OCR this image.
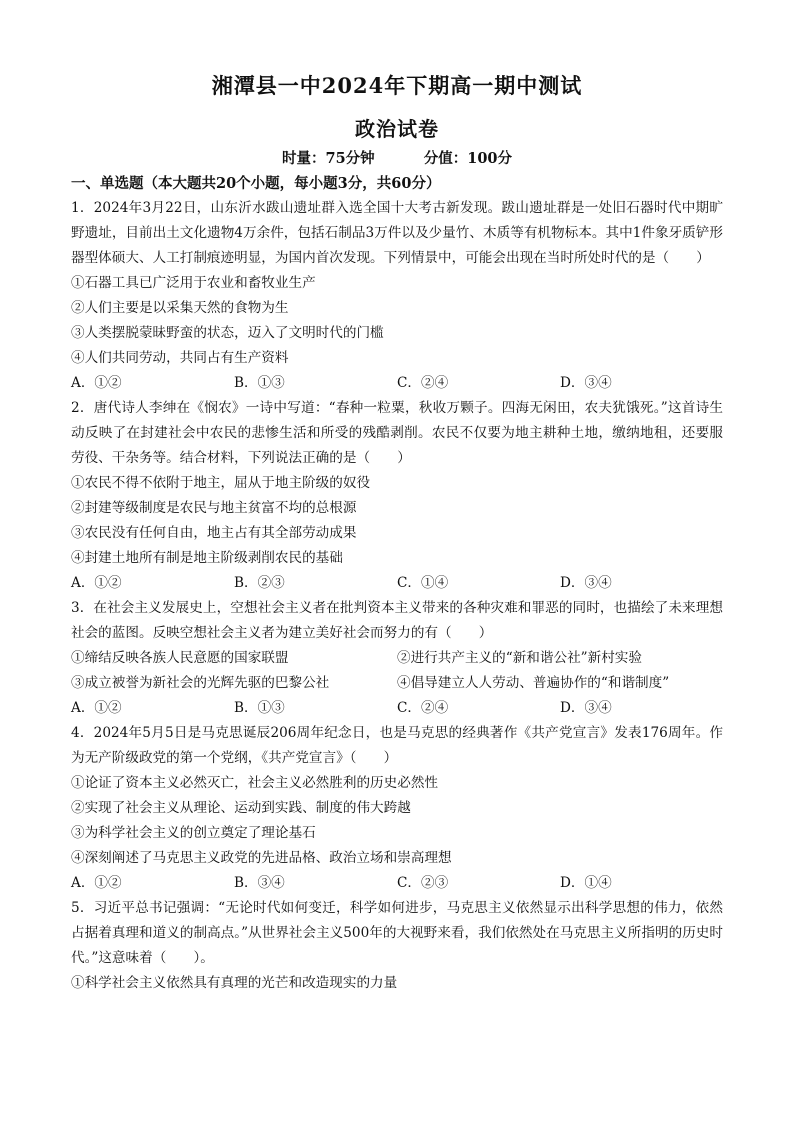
湘潭县一中2024年下期高一期中测试
政治试卷
时量：75分钟	分值：100分
一、单选题（本大题共20个小题，每小题3分，共60分）

1．2024年3月22日，山东沂水跋山遗址群入选全国十大考古新发现。跋山遗址群是一处旧石器时代中期旷野遗址，目前出土文化遗物4万余件，包括石制品3万件以及少量竹、木质等有机物标本。其中1件象牙质铲形器型体硕大、人工打制痕迹明显，为国内首次发现。下列情景中，可能会出现在当时所处时代的是（　　）

①石器工具已广泛用于农业和畜牧业生产
②人们主要是以采集天然的食物为生
③人类摆脱蒙昧野蛮的状态，迈入了文明时代的门槛
④人们共同劳动，共同占有生产资料
A．①②	B．①③	C．②④	D．③④

2．唐代诗人李绅在《悯农》一诗中写道：“春种一粒粟，秋收万颗子。四海无闲田，农夫犹饿死。”这首诗生动反映了在封建社会中农民的悲惨生活和所受的残酷剥削。农民不仅要为地主耕种土地，缴纳地租，还要服劳役、干杂务等。结合材料，下列说法正确的是（　　）

①农民不得不依附于地主，屈从于地主阶级的奴役
②封建等级制度是农民与地主贫富不均的总根源
③农民没有任何自由，地主占有其全部劳动成果
④封建土地所有制是地主阶级剥削农民的基础
A．①②	B．②③	C．①④	D．③④

3．在社会主义发展史上，空想社会主义者在批判资本主义带来的各种灾难和罪恶的同时，也描绘了未来理想社会的蓝图。反映空想社会主义者为建立美好社会而努力的有（　　）

①缔结反映各族人民意愿的国家联盟	②进行共产主义的“新和谐公社”新村实验
③成立被誉为新社会的光辉先驱的巴黎公社	④倡导建立人人劳动、普遍协作的“和谐制度”
A．①②	B．①③	C．②④	D．③④

4．2024年5月5日是马克思诞辰206周年纪念日，也是马克思的经典著作《共产党宣言》发表176周年。作为无产阶级政党的第一个党纲，《共产党宣言》（　　）

①论证了资本主义必然灭亡，社会主义必然胜利的历史必然性
②实现了社会主义从理论、运动到实践、制度的伟大跨越
③为科学社会主义的创立奠定了理论基石
④深刻阐述了马克思主义政党的先进品格、政治立场和崇高理想
A．①②	B．③④	C．②③	D．①④

5．习近平总书记强调：“无论时代如何变迁，科学如何进步，马克思主义依然显示出科学思想的伟力，依然占据着真理和道义的制高点。”从世界社会主义500年的大视野来看，我们依然处在马克思主义所指明的历史时代。”这意味着（　　）。

①科学社会主义依然具有真理的光芒和改造现实的力量
